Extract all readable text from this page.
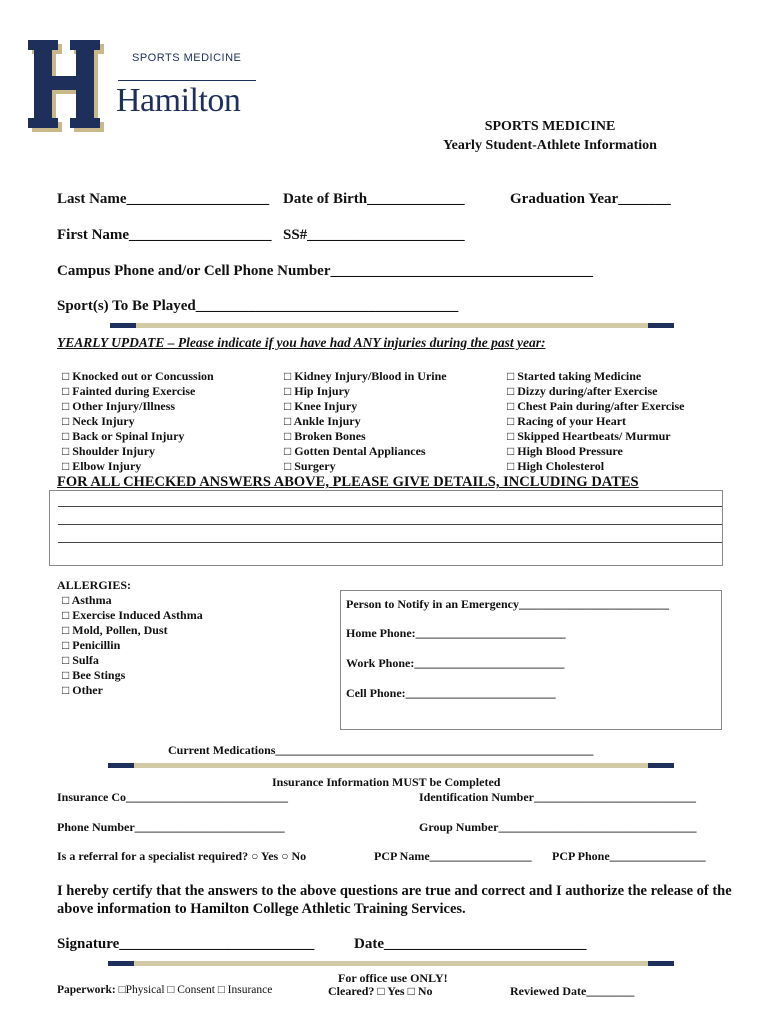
SPORTS MEDICINE
Hamilton
SPORTS MEDICINE
Yearly Student-Athlete Information
Last Name___________________ Date of Birth_____________	Graduation Year_______
First Name___________________ SS#_____________________
Campus Phone and/or Cell Phone Number___________________________________
Sport(s) To Be Played___________________________________
YEARLY UPDATE – Please indicate if you have had ANY injuries during the past year:
□ Knocked out or Concussion
□ Fainted during Exercise
□ Other Injury/Illness
□ Neck Injury
□ Back or Spinal Injury
□ Shoulder Injury
□ Elbow Injury
□ Kidney Injury/Blood in Urine
□ Hip Injury
□ Knee Injury
□ Ankle Injury
□ Broken Bones
□ Gotten Dental Appliances
□ Surgery
□ Started taking Medicine
□ Dizzy during/after Exercise
□ Chest Pain during/after Exercise
□ Racing of your Heart
□ Skipped Heartbeats/ Murmur
□ High Blood Pressure
□ High Cholesterol
FOR ALL CHECKED ANSWERS ABOVE, PLEASE GIVE DETAILS, INCLUDING DATES
ALLERGIES:
□ Asthma
□ Exercise Induced Asthma
□ Mold, Pollen, Dust
□ Penicillin
□ Sulfa
□ Bee Stings
□ Other
Person to Notify in an Emergency_________________________
Home Phone:_________________________
Work Phone:_________________________
Cell Phone:_________________________
Current Medications_____________________________________________________
Insurance Information MUST be Completed
Insurance Co___________________________	Identification Number___________________________
Phone Number_________________________	Group Number_________________________________
Is a referral for a specialist required? ○ Yes ○ No	PCP Name_________________ PCP Phone________________
I hereby certify that the answers to the above questions are true and correct and I authorize the release of the above information to Hamilton College Athletic Training Services.
Signature__________________________	Date___________________________
For office use ONLY!
Paperwork: □Physical □ Consent □ Insurance	Cleared? □ Yes □ No	Reviewed Date________
